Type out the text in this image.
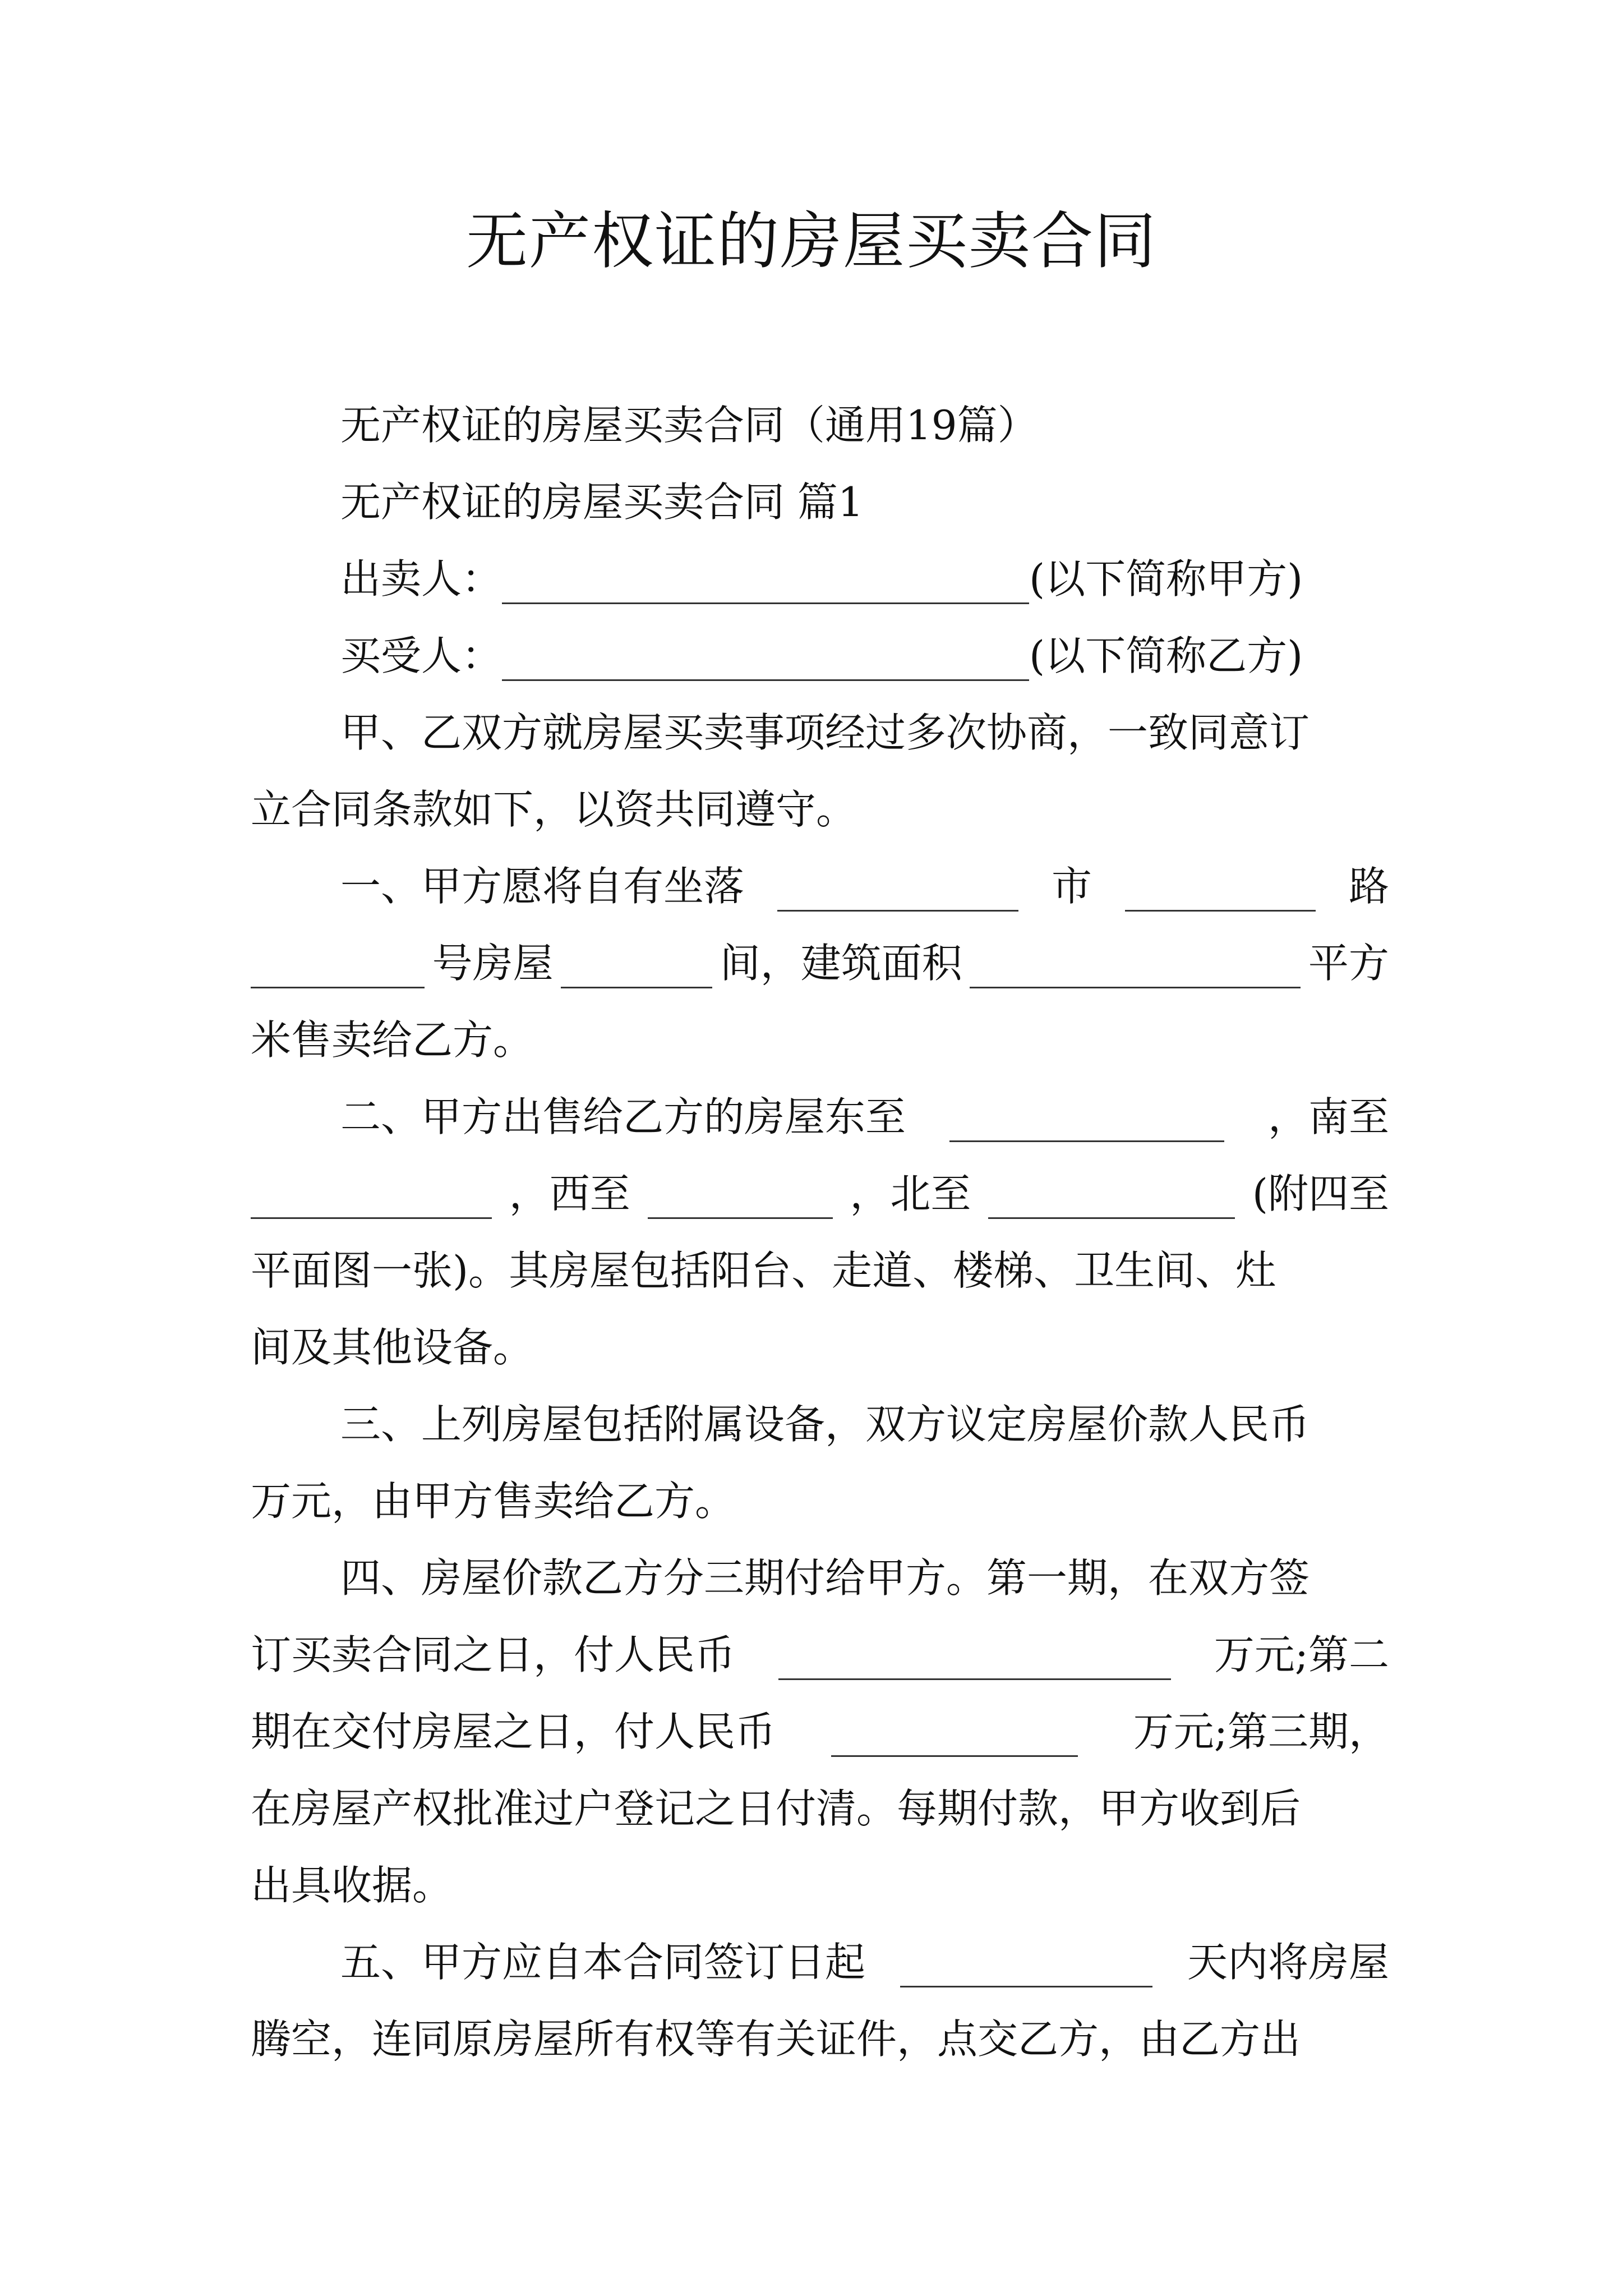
无产权证的房屋买卖合同
无产权证的房屋买卖合同（通用19篇）
无产权证的房屋买卖合同 篇1
出卖人：	(以下简称甲方)
买受人：	(以下简称乙方)
甲、乙双方就房屋买卖事项经过多次协商，一致同意订
立合同条款如下，以资共同遵守。
一、甲方愿将自有坐落	市	路
号房屋	间，建筑面积	平方
米售卖给乙方。
二、甲方出售给乙方的房屋东至	，南至
，西至	，北至	(附四至
平面图一张)。其房屋包括阳台、走道、楼梯、卫生间、灶
间及其他设备。
三、上列房屋包括附属设备，双方议定房屋价款人民币
万元，由甲方售卖给乙方。
四、房屋价款乙方分三期付给甲方。第一期，在双方签
订买卖合同之日，付人民币	万元;第二
期在交付房屋之日，付人民币	万元;第三期，
在房屋产权批准过户登记之日付清。每期付款，甲方收到后
出具收据。
五、甲方应自本合同签订日起	天内将房屋
腾空，连同原房屋所有权等有关证件，点交乙方，由乙方出
